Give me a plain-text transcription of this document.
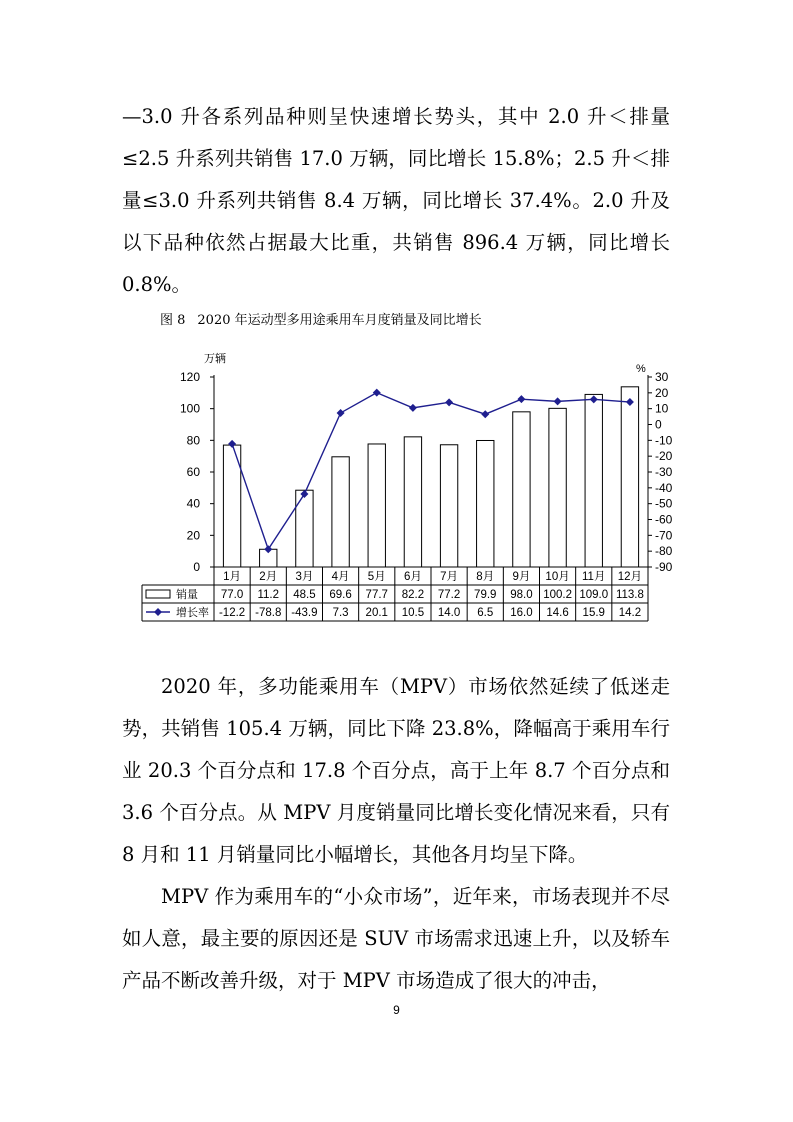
—3.0 升各系列品种则呈快速增长势头，其中 2.0 升＜排量≤2.5 升系列共销售 17.0 万辆，同比增长 15.8%；2.5 升＜排量≤3.0 升系列共销售 8.4 万辆，同比增长 37.4%。2.0 升及以下品种依然占据最大比重，共销售 896.4 万辆，同比增长 0.8%。

图 8 2020 年运动型多用途乘用车月度销量及同比增长
万辆
0
20
40
60
80
100
120
%
30
20
10
0
-10
-20
-30
-40
-50
-60
-70
-80
-90
1月 2月 3月 4月 5月 6月 7月 8月 9月 10月 11月 12月
销量
增长率
77.0 11.2 48.5 69.6 77.7 82.2 77.2 79.9 98.0 100.2 109.0 113.8
-12.2 -78.8 -43.9 7.3 20.1 10.5 14.0 6.5 16.0 14.6 15.9 14.2

2020 年，多功能乘用车（MPV）市场依然延续了低迷走势，共销售 105.4 万辆，同比下降 23.8%，降幅高于乘用车行业 20.3 个百分点和 17.8 个百分点，高于上年 8.7 个百分点和 3.6 个百分点。从 MPV 月度销量同比增长变化情况来看，只有 8 月和 11 月销量同比小幅增长，其他各月均呈下降。

MPV 作为乘用车的“小众市场”，近年来，市场表现并不尽如人意，最主要的原因还是 SUV 市场需求迅速上升，以及轿车产品不断改善升级，对于 MPV 市场造成了很大的冲击，

9
